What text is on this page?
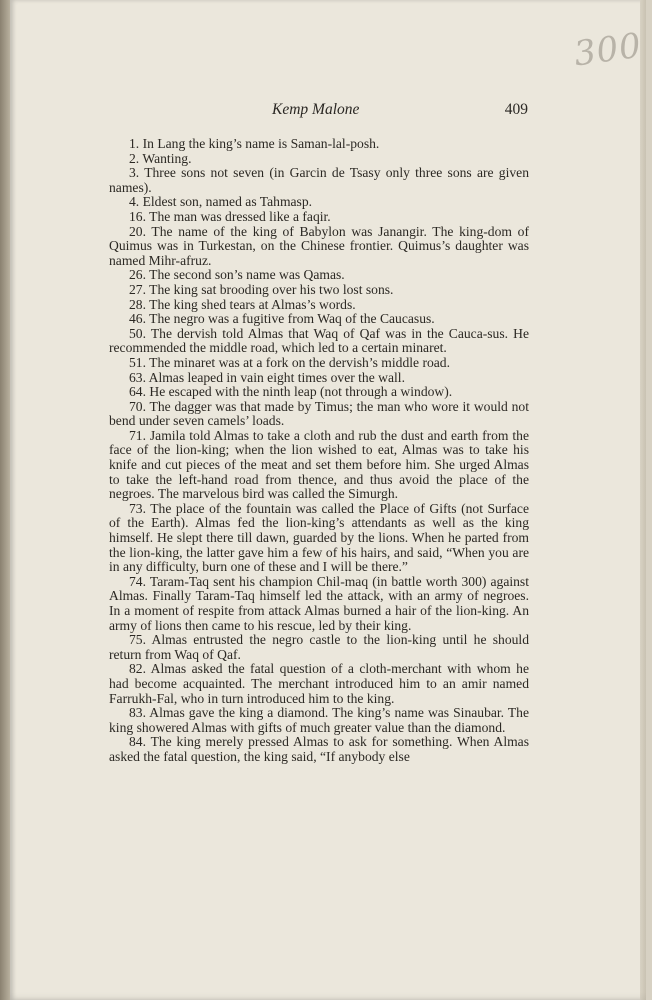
300
Kemp Malone	409

1. In Lang the king’s name is Saman-lal-posh.

2. Wanting.

3. Three sons not seven (in Garcin de Tsasy only three sons are given names).

4. Eldest son, named as Tahmasp.

16. The man was dressed like a faqir.

20. The name of the king of Babylon was Janangir. The king-dom of Quimus was in Turkestan, on the Chinese frontier. Quimus’s daughter was named Mihr-afruz.

26. The second son’s name was Qamas.

27. The king sat brooding over his two lost sons.

28. The king shed tears at Almas’s words.

46. The negro was a fugitive from Waq of the Caucasus.

50. The dervish told Almas that Waq of Qaf was in the Cauca-sus. He recommended the middle road, which led to a certain minaret.

51. The minaret was at a fork on the dervish’s middle road.

63. Almas leaped in vain eight times over the wall.

64. He escaped with the ninth leap (not through a window).

70. The dagger was that made by Timus; the man who wore it would not bend under seven camels’ loads.

71. Jamila told Almas to take a cloth and rub the dust and earth from the face of the lion-king; when the lion wished to eat, Almas was to take his knife and cut pieces of the meat and set them before him. She urged Almas to take the left-hand road from thence, and thus avoid the place of the negroes. The marvelous bird was called the Simurgh.

73. The place of the fountain was called the Place of Gifts (not Surface of the Earth). Almas fed the lion-king’s attendants as well as the king himself. He slept there till dawn, guarded by the lions. When he parted from the lion-king, the latter gave him a few of his hairs, and said, “When you are in any difficulty, burn one of these and I will be there.”

74. Taram-Taq sent his champion Chil-maq (in battle worth 300) against Almas. Finally Taram-Taq himself led the attack, with an army of negroes. In a moment of respite from attack Almas burned a hair of the lion-king. An army of lions then came to his rescue, led by their king.

75. Almas entrusted the negro castle to the lion-king until he should return from Waq of Qaf.

82. Almas asked the fatal question of a cloth-merchant with whom he had become acquainted. The merchant introduced him to an amir named Farrukh-Fal, who in turn introduced him to the king.

83. Almas gave the king a diamond. The king’s name was Sinaubar. The king showered Almas with gifts of much greater value than the diamond.

84. The king merely pressed Almas to ask for something. When Almas asked the fatal question, the king said, “If anybody else
